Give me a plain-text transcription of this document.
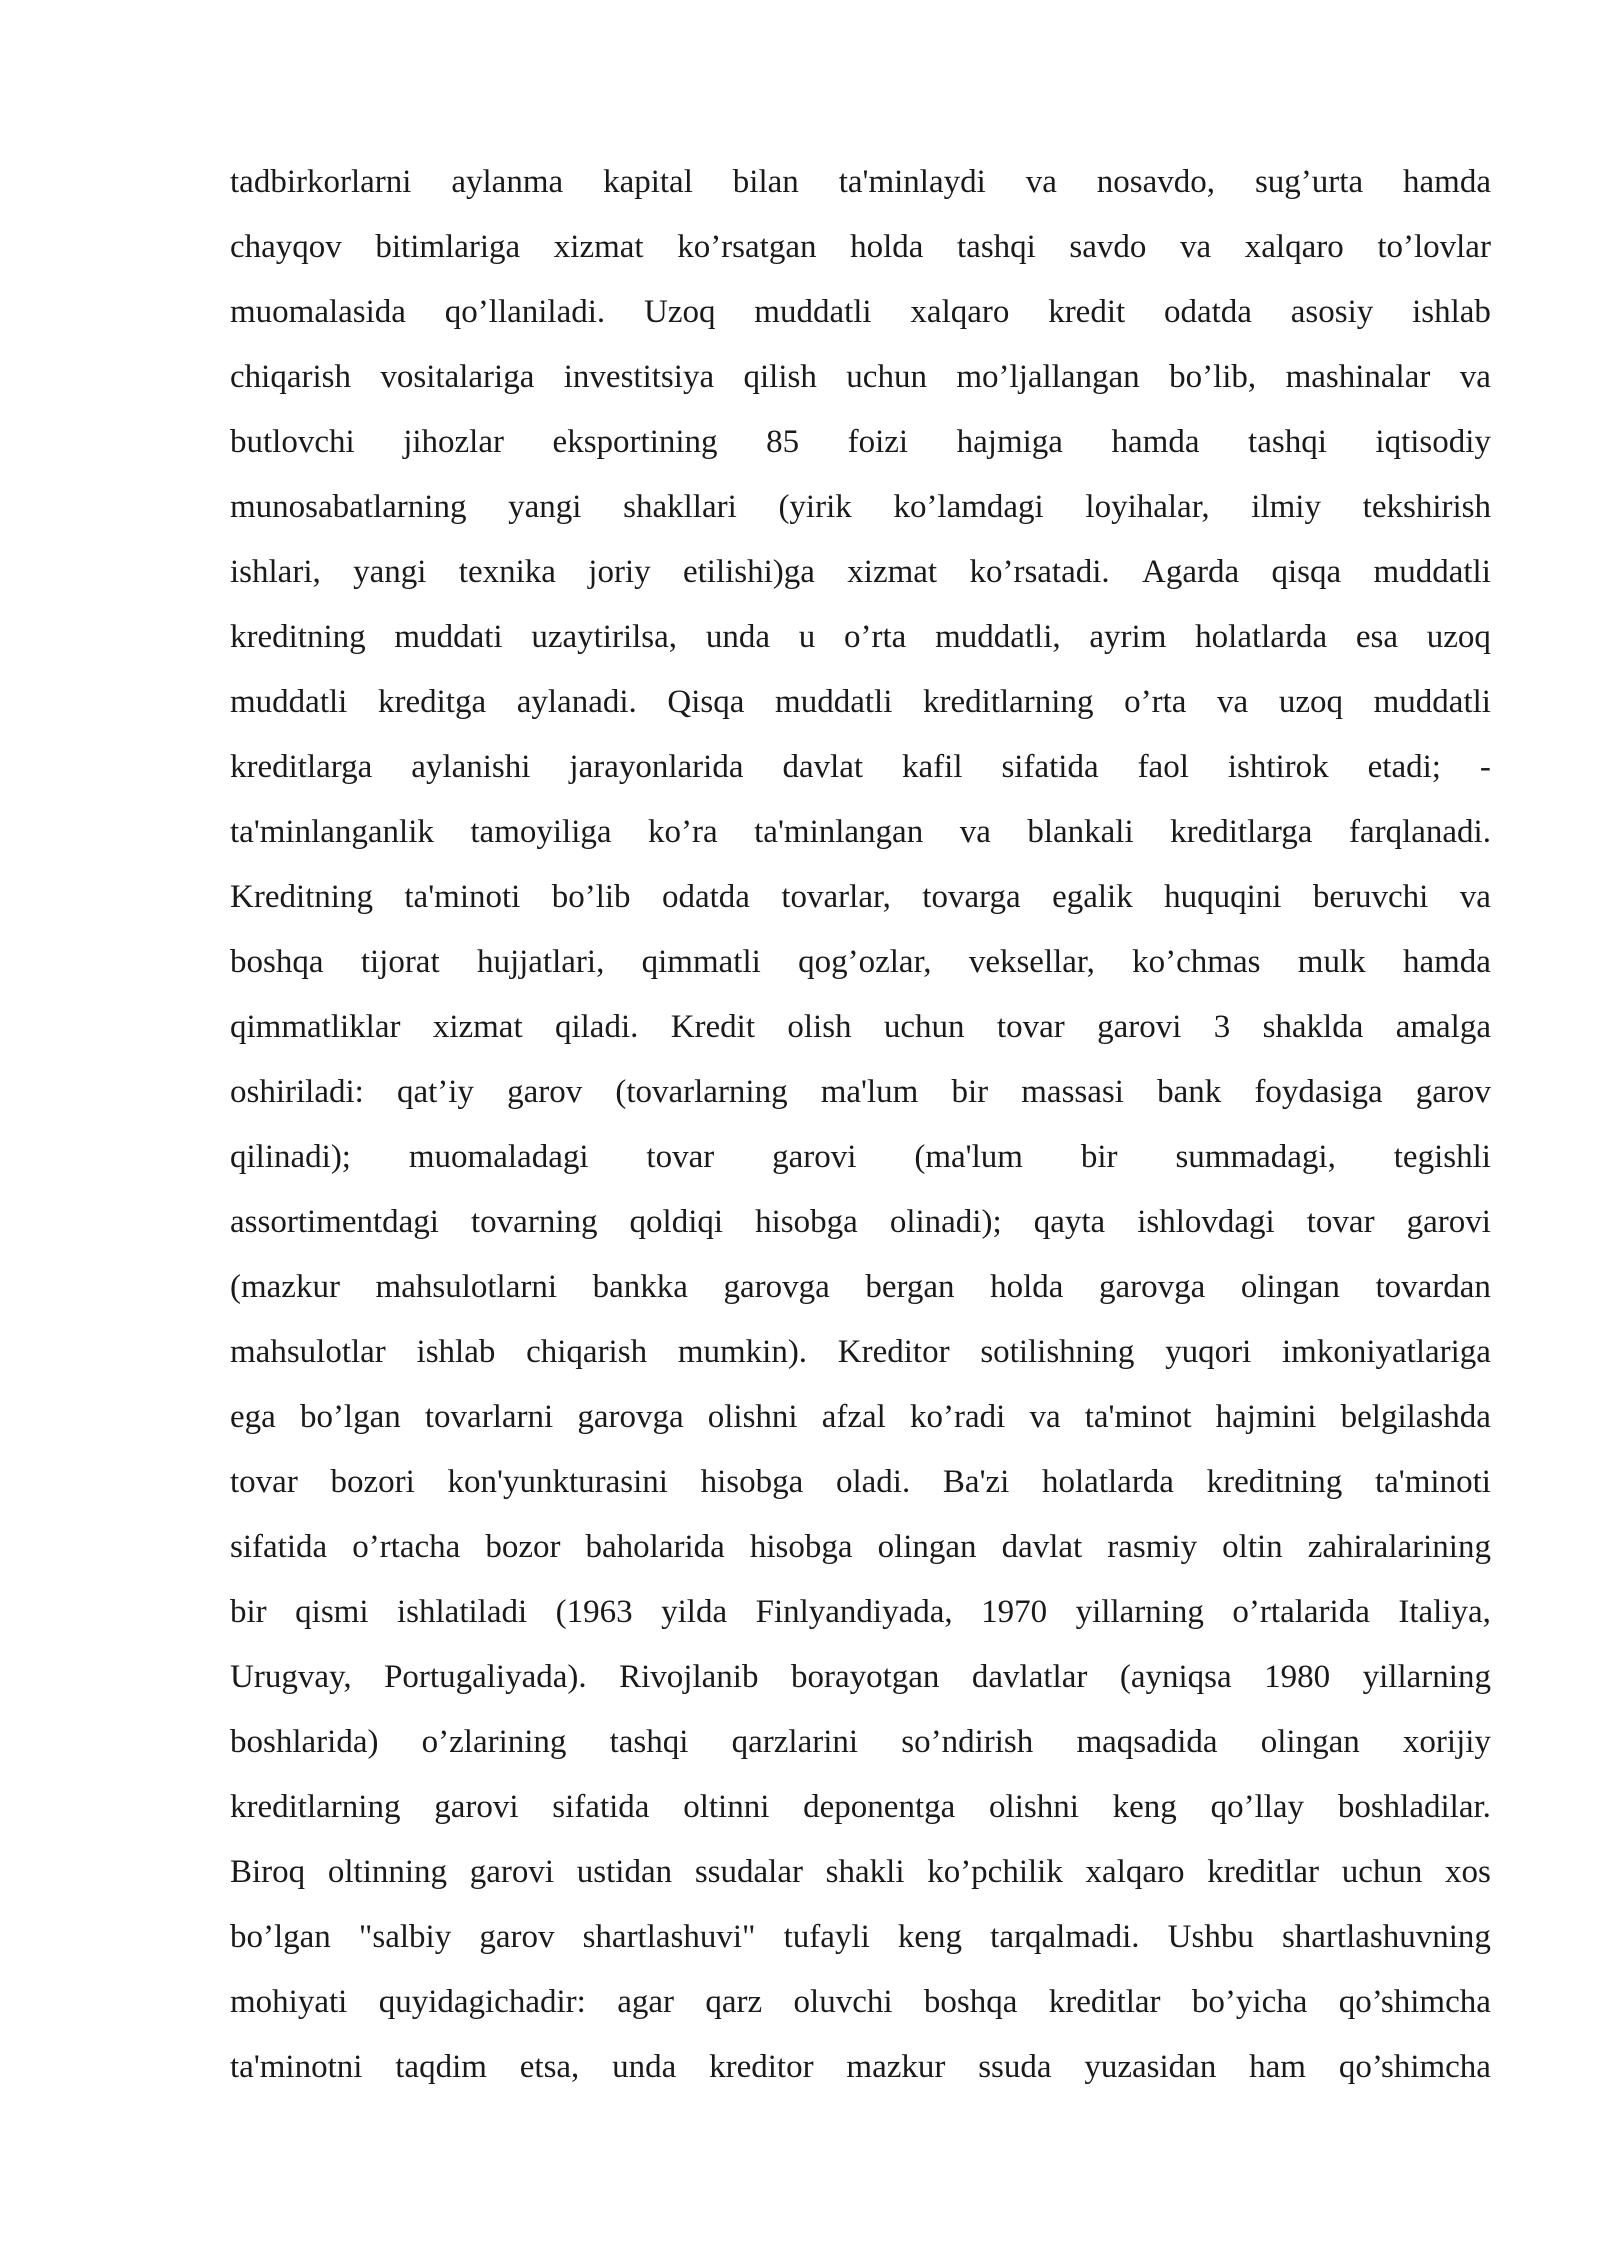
tadbirkorlarni aylanma kapital bilan ta'minlaydi va nosavdo, sug’urta hamda
chayqov bitimlariga xizmat ko’rsatgan holda tashqi savdo va xalqaro to’lovlar
muomalasida qo’llaniladi. Uzoq muddatli xalqaro kredit odatda asosiy ishlab
chiqarish vositalariga investitsiya qilish uchun mo’ljallangan bo’lib, mashinalar va
butlovchi jihozlar eksportining 85 foizi hajmiga hamda tashqi iqtisodiy
munosabatlarning yangi shakllari (yirik ko’lamdagi loyihalar, ilmiy tekshirish
ishlari, yangi texnika joriy etilishi)ga xizmat ko’rsatadi. Agarda qisqa muddatli
kreditning muddati uzaytirilsa, unda u o’rta muddatli, ayrim holatlarda esa uzoq
muddatli kreditga aylanadi. Qisqa muddatli kreditlarning o’rta va uzoq muddatli
kreditlarga aylanishi jarayonlarida davlat kafil sifatida faol ishtirok etadi; -
ta'minlanganlik tamoyiliga ko’ra ta'minlangan va blankali kreditlarga farqlanadi.
Kreditning ta'minoti bo’lib odatda tovarlar, tovarga egalik huquqini beruvchi va
boshqa tijorat hujjatlari, qimmatli qog’ozlar, veksellar, ko’chmas mulk hamda
qimmatliklar xizmat qiladi. Kredit olish uchun tovar garovi 3 shaklda amalga
oshiriladi: qat’iy garov (tovarlarning ma'lum bir massasi bank foydasiga garov
qilinadi); muomaladagi tovar garovi (ma'lum bir summadagi, tegishli
assortimentdagi tovarning qoldiqi hisobga olinadi); qayta ishlovdagi tovar garovi
(mazkur mahsulotlarni bankka garovga bergan holda garovga olingan tovardan
mahsulotlar ishlab chiqarish mumkin). Kreditor sotilishning yuqori imkoniyatlariga
ega bo’lgan tovarlarni garovga olishni afzal ko’radi va ta'minot hajmini belgilashda
tovar bozori kon'yunkturasini hisobga oladi. Ba'zi holatlarda kreditning ta'minoti
sifatida o’rtacha bozor baholarida hisobga olingan davlat rasmiy oltin zahiralarining
bir qismi ishlatiladi (1963 yilda Finlyandiyada, 1970 yillarning o’rtalarida Italiya,
Urugvay, Portugaliyada). Rivojlanib borayotgan davlatlar (ayniqsa 1980 yillarning
boshlarida) o’zlarining tashqi qarzlarini so’ndirish maqsadida olingan xorijiy
kreditlarning garovi sifatida oltinni deponentga olishni keng qo’llay boshladilar.
Biroq oltinning garovi ustidan ssudalar shakli ko’pchilik xalqaro kreditlar uchun xos
bo’lgan "salbiy garov shartlashuvi" tufayli keng tarqalmadi. Ushbu shartlashuvning
mohiyati quyidagichadir: agar qarz oluvchi boshqa kreditlar bo’yicha qo’shimcha
ta'minotni taqdim etsa, unda kreditor mazkur ssuda yuzasidan ham qo’shimcha
